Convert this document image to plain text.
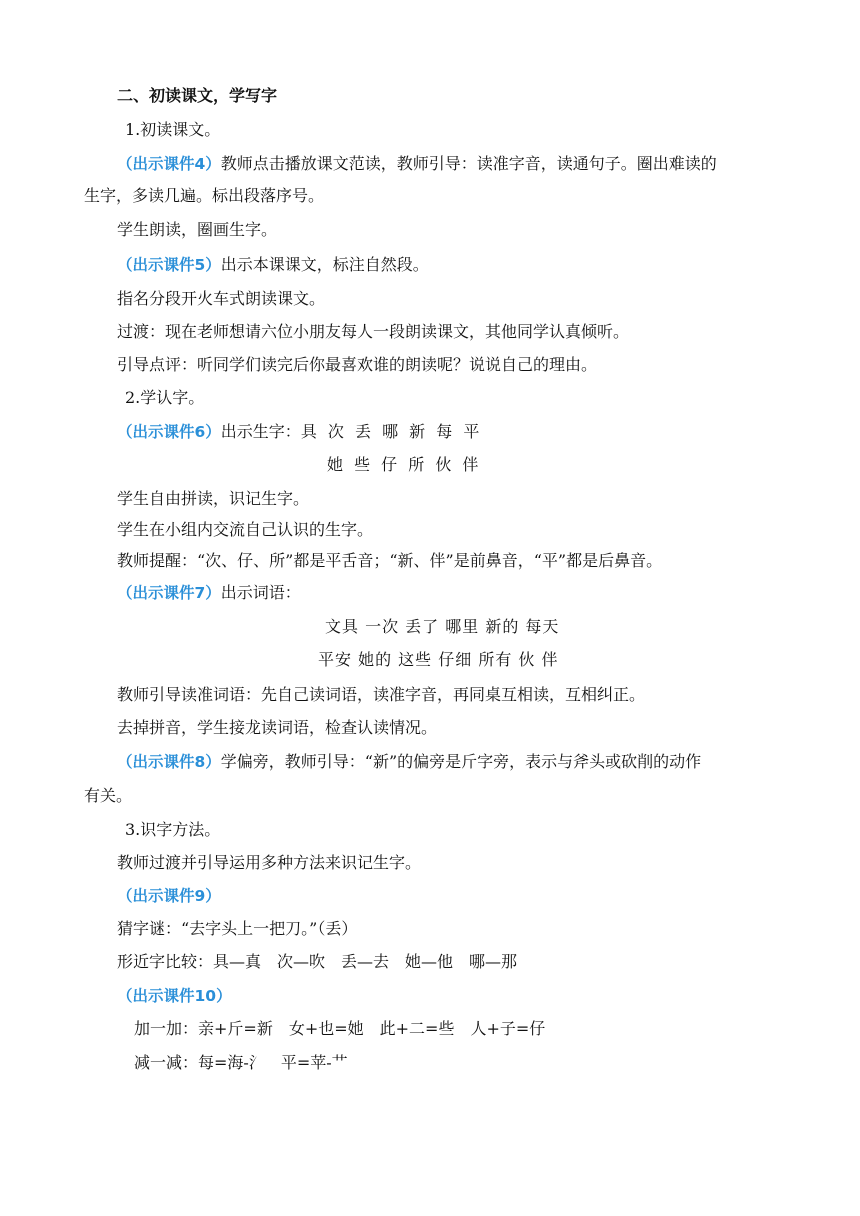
二、初读课文，学写字
1.初读课文。
（出示课件4）教师点击播放课文范读，教师引导：读准字音，读通句子。圈出难读的
生字，多读几遍。标出段落序号。
学生朗读，圈画生字。
（出示课件5）出示本课课文，标注自然段。
指名分段开火车式朗读课文。
过渡：现在老师想请六位小朋友每人一段朗读课文，其他同学认真倾听。
引导点评：听同学们读完后你最喜欢谁的朗读呢？说说自己的理由。
2.学认字。
（出示课件6）出示生字：具 次 丢 哪 新 每 平
她 些 仔 所 伙 伴
学生自由拼读，识记生字。
学生在小组内交流自己认识的生字。
教师提醒：“次、仔、所”都是平舌音；“新、伴”是前鼻音，“平”都是后鼻音。
（出示课件7）出示词语：
文具 一次 丢了 哪里 新的 每天
平安 她的 这些 仔细 所有 伙 伴
教师引导读准词语：先自己读词语，读准字音，再同桌互相读，互相纠正。
去掉拼音，学生接龙读词语，检查认读情况。
（出示课件8）学偏旁，教师引导：“新”的偏旁是斤字旁，表示与斧头或砍削的动作
有关。
3.识字方法。
教师过渡并引导运用多种方法来识记生字。
（出示课件9）
猜字谜：“去字头上一把刀。”（丢）
形近字比较：具—真　次—吹　丢—去　她—他　哪—那
（出示课件10）
加一加：亲+斤=新　女+也=她　此+二=些　人+子=仔
减一减：每=海-氵　平=苹-艹
